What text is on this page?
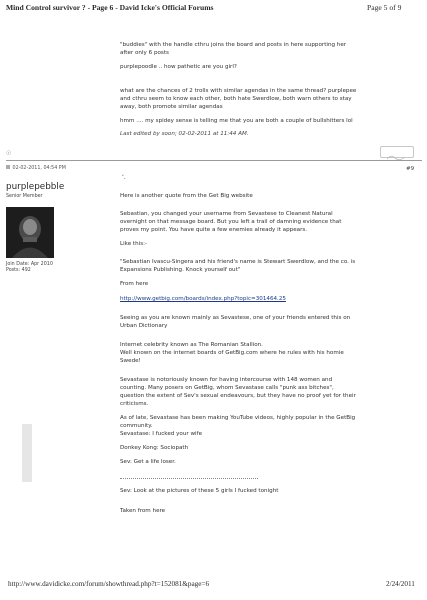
Mind Control survivor ? - Page 6 - David Icke's Official Forums	Page 5 of 9
"buddies" with the handle cthru joins the board and posts in here supporting her
after only 6 posts
purplepoodle .. how pathetic are you girl?
what are the chances of 2 trolls with similar agendas in the same thread? purplepee
and cthru seem to know each other, both hate Swerdlow, both warn others to stay
away, both promote similar agendas
hmm .... my spidey sense is telling me that you are both a couple of bullshitters lol
Last edited by soon; 02-02-2011 at 11:44 AM.
☉
02-02-2011, 04:54 PM	#9
purplepebble
Senior Member
Join Date: Apr 2010
Posts: 492
‘.
Here is another quote from the Get Big website
Sebastian, you changed your username from Sevastese to Cleanest Natural
overnight on that message board. But you left a trail of damning evidence that
proves my point. You have quite a few enemies already it appears.
Like this:-
"Sebastian Ivascu-Singera and his friend's name is Stewart Swerdlow, and the co. is
Expansions Publishing. Knock yourself out"
From here
http://www.getbig.com/boards/index.php?topic=301464.25
Seeing as you are known mainly as Sevastese, one of your friends entered this on
Urban Dictionary
Internet celebrity known as The Romanian Stallion.
Well known on the internet boards of GetBig.com where he rules with his homie
Swede!
Sevastase is notoriously known for having intercourse with 148 women and
counting. Many posers on GetBig, whom Sevastase calls "punk ass bitches",
question the extent of Sev's sexual endeavours, but they have no proof yet for their
criticisms.
As of late, Sevastase has been making YouTube videos, highly popular in the GetBig
community.
Sevastase: I fucked your wife
Donkey Kong: Sociopath
Sev: Get a life loser.
Sev: Look at the pictures of these 5 girls I fucked tonight
Taken from here
http://www.davidicke.com/forum/showthread.php?t=152081&page=6	2/24/2011
